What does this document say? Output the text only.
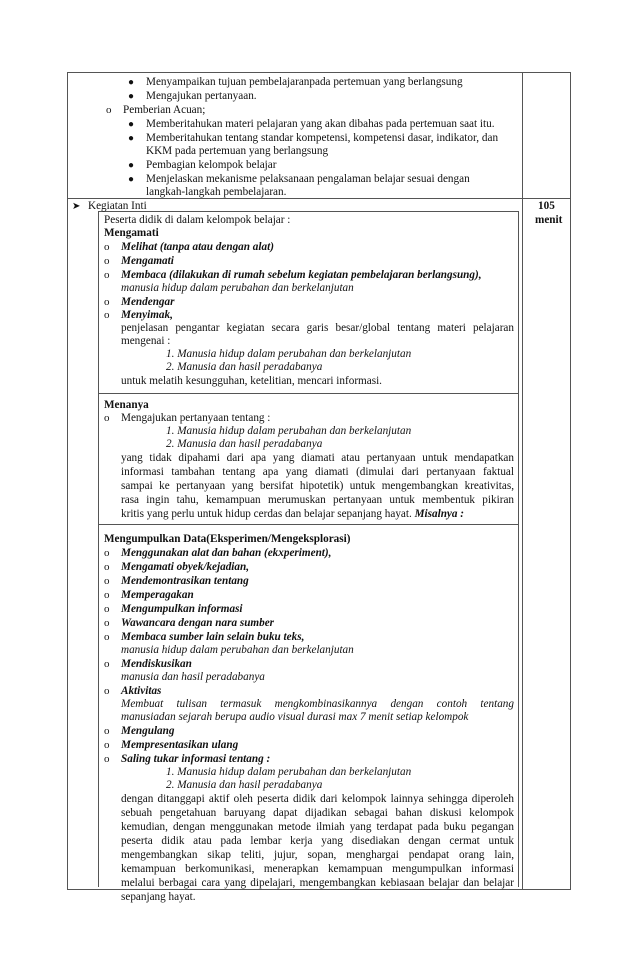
● Menyampaikan tujuan pembelajaranpada pertemuan yang berlangsung
● Mengajukan pertanyaan.
o Pemberian Acuan;
● Memberitahukan materi pelajaran yang akan dibahas pada pertemuan saat itu.
● Memberitahukan tentang standar kompetensi, kompetensi dasar, indikator, dan
KKM pada pertemuan yang berlangsung
● Pembagian kelompok belajar
● Menjelaskan mekanisme pelaksanaan pengalaman belajar sesuai dengan
langkah-langkah pembelajaran.
➤ Kegiatan Inti	105
menit
Peserta didik di dalam kelompok belajar :
Mengamati
o Melihat (tanpa atau dengan alat)
o Mengamati
o Membaca (dilakukan di rumah sebelum kegiatan pembelajaran berlangsung),
manusia hidup dalam perubahan dan berkelanjutan
o Mendengar
o Menyimak,
penjelasan pengantar kegiatan secara garis besar/global tentang materi pelajaran
mengenai :
1. Manusia hidup dalam perubahan dan berkelanjutan
2. Manusia dan hasil peradabanya
untuk melatih kesungguhan, ketelitian, mencari informasi.
Menanya
o Mengajukan pertanyaan tentang :
1. Manusia hidup dalam perubahan dan berkelanjutan
2. Manusia dan hasil peradabanya
yang tidak dipahami dari apa yang diamati atau pertanyaan untuk mendapatkan
informasi tambahan tentang apa yang diamati (dimulai dari pertanyaan faktual
sampai ke pertanyaan yang bersifat hipotetik) untuk mengembangkan kreativitas,
rasa ingin tahu, kemampuan merumuskan pertanyaan untuk membentuk pikiran
kritis yang perlu untuk hidup cerdas dan belajar sepanjang hayat. Misalnya :
Mengumpulkan Data(Eksperimen/Mengeksplorasi)
o Menggunakan alat dan bahan (ekxperiment),
o Mengamati obyek/kejadian,
o Mendemontrasikan tentang
o Memperagakan
o Mengumpulkan informasi
o Wawancara dengan nara sumber
o Membaca sumber lain selain buku teks,
manusia hidup dalam perubahan dan berkelanjutan
o Mendiskusikan
manusia dan hasil peradabanya
o Aktivitas
Membuat tulisan termasuk mengkombinasikannya dengan contoh tentang
manusiadan sejarah berupa audio visual durasi max 7 menit setiap kelompok
o Mengulang
o Mempresentasikan ulang
o Saling tukar informasi tentang :
1. Manusia hidup dalam perubahan dan berkelanjutan
2. Manusia dan hasil peradabanya
dengan ditanggapi aktif oleh peserta didik dari kelompok lainnya sehingga diperoleh
sebuah pengetahuan baruyang dapat dijadikan sebagai bahan diskusi kelompok
kemudian, dengan menggunakan metode ilmiah yang terdapat pada buku pegangan
peserta didik atau pada lembar kerja yang disediakan dengan cermat untuk
mengembangkan sikap teliti, jujur, sopan, menghargai pendapat orang lain,
kemampuan berkomunikasi, menerapkan kemampuan mengumpulkan informasi
melalui berbagai cara yang dipelajari, mengembangkan kebiasaan belajar dan belajar
sepanjang hayat.
